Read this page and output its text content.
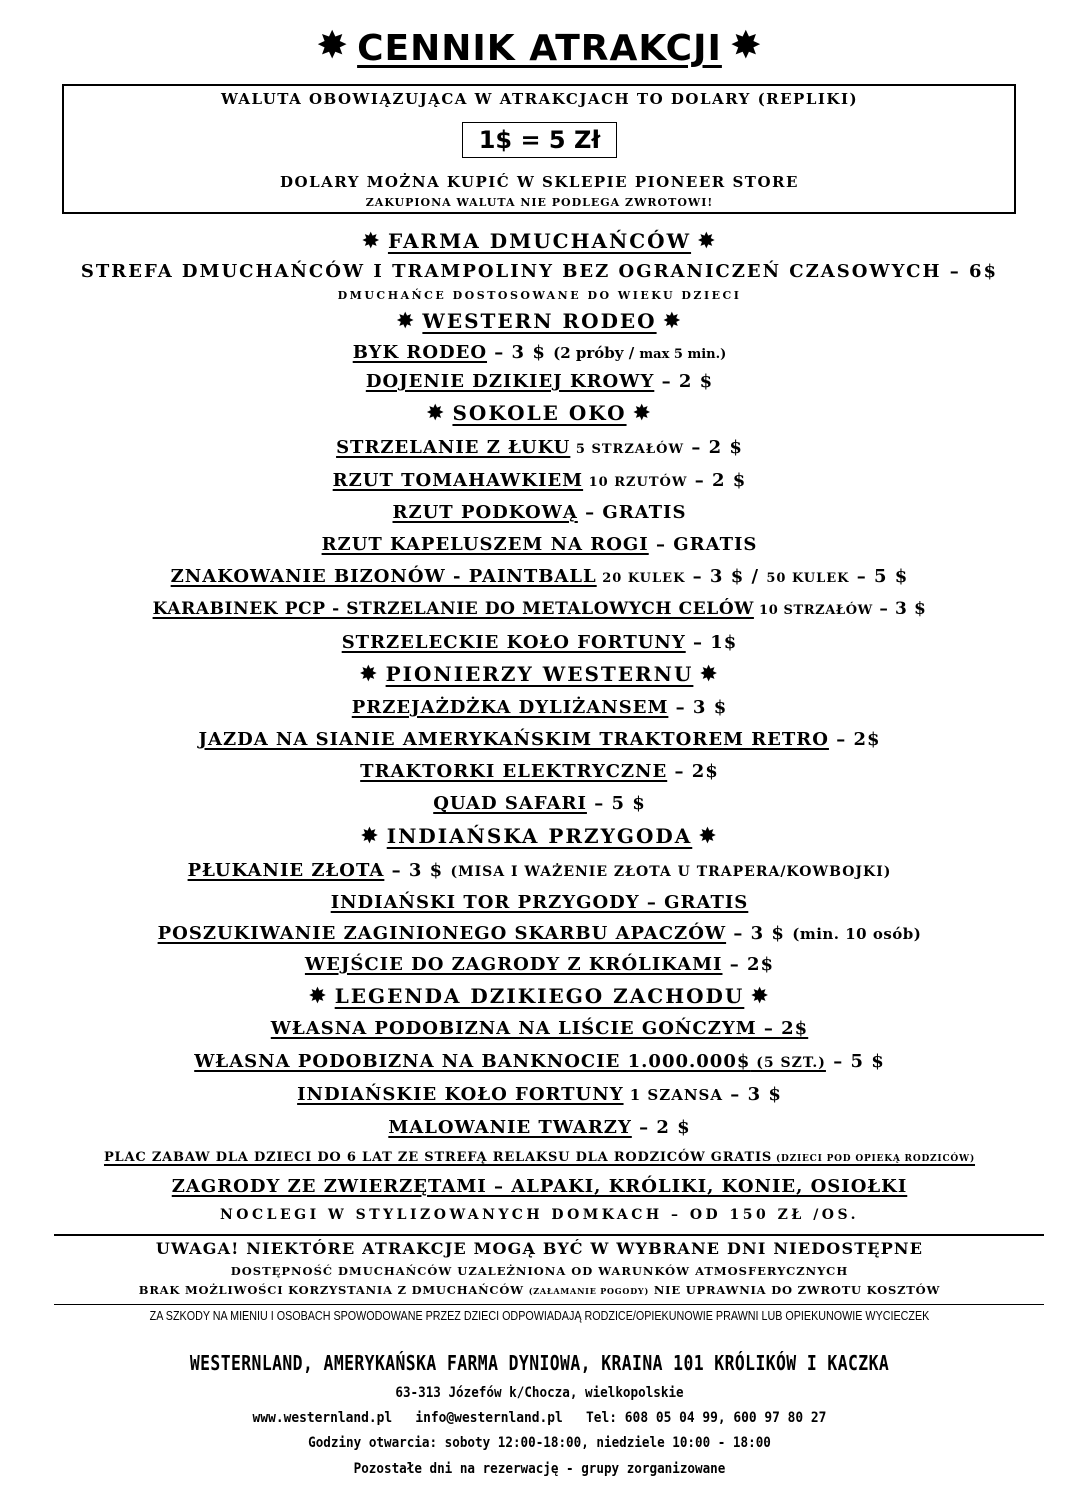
✸ CENNIK ATRAKCJI ✸
WALUTA OBOWIĄZUJĄCA W ATRAKCJACH TO DOLARY (REPLIKI)
1$ = 5 Zł
DOLARY MOŻNA KUPIĆ W SKLEPIE PIONEER STORE
ZAKUPIONA WALUTA NIE PODLEGA ZWROTOWI!
✸ FARMA DMUCHAŃCÓW ✸
STREFA DMUCHAŃCÓW I TRAMPOLINY BEZ OGRANICZEŃ CZASOWYCH – 6$
DMUCHAŃCE DOSTOSOWANE DO WIEKU DZIECI
✸ WESTERN RODEO ✸
BYK RODEO – 3 $ (2 próby / max 5 min.)
DOJENIE DZIKIEJ KROWY – 2 $
✸ SOKOLE OKO ✸
STRZELANIE Z ŁUKU 5 STRZAŁÓW – 2 $
RZUT TOMAHAWKIEM 10 RZUTÓW – 2 $
RZUT PODKOWĄ – GRATIS
RZUT KAPELUSZEM NA ROGI – GRATIS
ZNAKOWANIE BIZONÓW - PAINTBALL 20 KULEK – 3 $ / 50 KULEK – 5 $
KARABINEK PCP - STRZELANIE DO METALOWYCH CELÓW 10 STRZAŁÓW – 3 $
STRZELECKIE KOŁO FORTUNY – 1$
✸ PIONIERZY WESTERNU ✸
PRZEJAŻDŻKA DYLIŻANSEM – 3 $
JAZDA NA SIANIE AMERYKAŃSKIM TRAKTOREM RETRO – 2$
TRAKTORKI ELEKTRYCZNE – 2$
QUAD SAFARI – 5 $
✸ INDIAŃSKA PRZYGODA ✸
PŁUKANIE ZŁOTA – 3 $ (MISA I WAŻENIE ZŁOTA U TRAPERA/KOWBOJKI)
INDIAŃSKI TOR PRZYGODY – GRATIS
POSZUKIWANIE ZAGINIONEGO SKARBU APACZÓW – 3 $ (min. 10 osób)
WEJŚCIE DO ZAGRODY Z KRÓLIKAMI – 2$
✸ LEGENDA DZIKIEGO ZACHODU ✸
WŁASNA PODOBIZNA NA LIŚCIE GOŃCZYM – 2$
WŁASNA PODOBIZNA NA BANKNOCIE 1.000.000$ (5 SZT.) – 5 $
INDIAŃSKIE KOŁO FORTUNY 1 SZANSA – 3 $
MALOWANIE TWARZY – 2 $
PLAC ZABAW DLA DZIECI DO 6 LAT ZE STREFĄ RELAKSU DLA RODZICÓW GRATIS (DZIECI POD OPIEKĄ RODZICÓW)
ZAGRODY ZE ZWIERZĘTAMI – ALPAKI, KRÓLIKI, KONIE, OSIOŁKI
NOCLEGI W STYLIZOWANYCH DOMKACH – OD 150 ZŁ /OS.
UWAGA! NIEKTÓRE ATRAKCJE MOGĄ BYĆ W WYBRANE DNI NIEDOSTĘPNE
DOSTĘPNOŚĆ DMUCHAŃCÓW UZALEŻNIONA OD WARUNKÓW ATMOSFERYCZNYCH
BRAK MOŻLIWOŚCI KORZYSTANIA Z DMUCHAŃCÓW (ZAŁAMANIE POGODY) NIE UPRAWNIA DO ZWROTU KOSZTÓW
ZA SZKODY NA MIENIU I OSOBACH SPOWODOWANE PRZEZ DZIECI ODPOWIADAJĄ RODZICE/OPIEKUNOWIE PRAWNI LUB OPIEKUNOWIE WYCIECZEK
WESTERNLAND, AMERYKAŃSKA FARMA DYNIOWA, KRAINA 101 KRÓLIKÓW I KACZKA
63-313 Józefów k/Chocza, wielkopolskie
www.westernland.pl info@westernland.pl Tel: 608 05 04 99, 600 97 80 27
Godziny otwarcia: soboty 12:00-18:00, niedziele 10:00 - 18:00
Pozostałe dni na rezerwację - grupy zorganizowane
